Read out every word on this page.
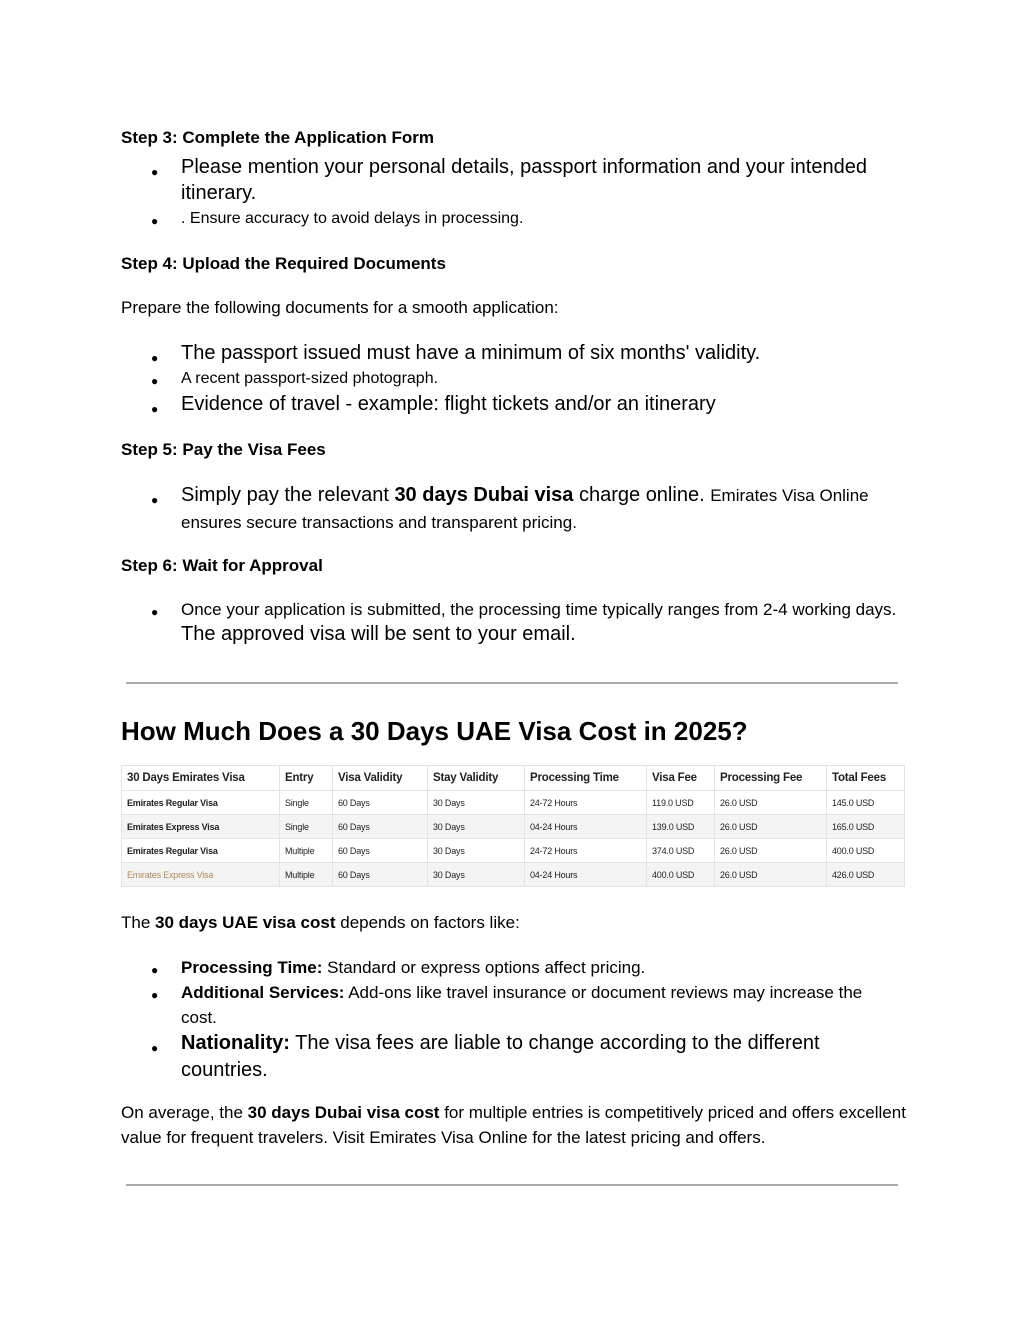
Step 3: Complete the Application Form

● Please mention your personal details, passport information and your intended itinerary.
● . Ensure accuracy to avoid delays in processing.

Step 4: Upload the Required Documents

Prepare the following documents for a smooth application:

● The passport issued must have a minimum of six months' validity.
● A recent passport-sized photograph.
● Evidence of travel - example: flight tickets and/or an itinerary

Step 5: Pay the Visa Fees

● Simply pay the relevant 30 days Dubai visa charge online. Emirates Visa Online ensures secure transactions and transparent pricing.

Step 6: Wait for Approval

● Once your application is submitted, the processing time typically ranges from 2-4 working days. The approved visa will be sent to your email.
How Much Does a 30 Days UAE Visa Cost in 2025?
30 Days Emirates Visa	Entry	Visa Validity	Stay Validity	Processing Time	Visa Fee	Processing Fee	Total Fees
Emirates Regular Visa	Single	60 Days	30 Days	24-72 Hours	119.0 USD	26.0 USD	145.0 USD
Emirates Express Visa	Single	60 Days	30 Days	04-24 Hours	139.0 USD	26.0 USD	165.0 USD
Emirates Regular Visa	Multiple	60 Days	30 Days	24-72 Hours	374.0 USD	26.0 USD	400.0 USD
Emirates Express Visa	Multiple	60 Days	30 Days	04-24 Hours	400.0 USD	26.0 USD	426.0 USD

The 30 days UAE visa cost depends on factors like:

● Processing Time: Standard or express options affect pricing.
● Additional Services: Add-ons like travel insurance or document reviews may increase the cost.
● Nationality: The visa fees are liable to change according to the different countries.

On average, the 30 days Dubai visa cost for multiple entries is competitively priced and offers excellent value for frequent travelers. Visit Emirates Visa Online for the latest pricing and offers.
